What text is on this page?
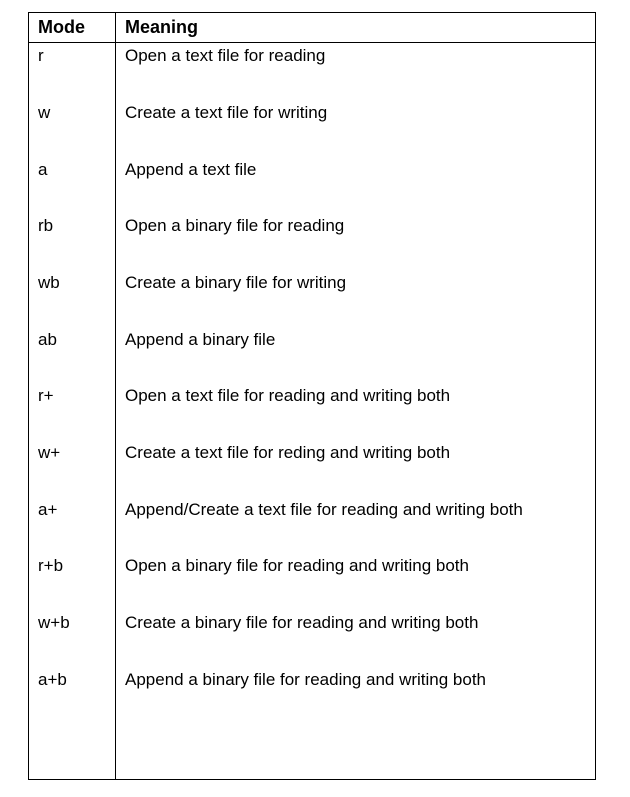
Mode Meaning
r	Open a text file for reading
w	Create a text file for writing
a	Append a text file
rb	Open a binary file for reading
wb	Create a binary file for writing
ab	Append a binary file
r+	Open a text file for reading and writing both
w+	Create a text file for reding and writing both
a+	Append/Create a text file for reading and writing both
r+b	Open a binary file for reading and writing both
w+b	Create a binary file for reading and writing both
a+b	Append a binary file for reading and writing both
